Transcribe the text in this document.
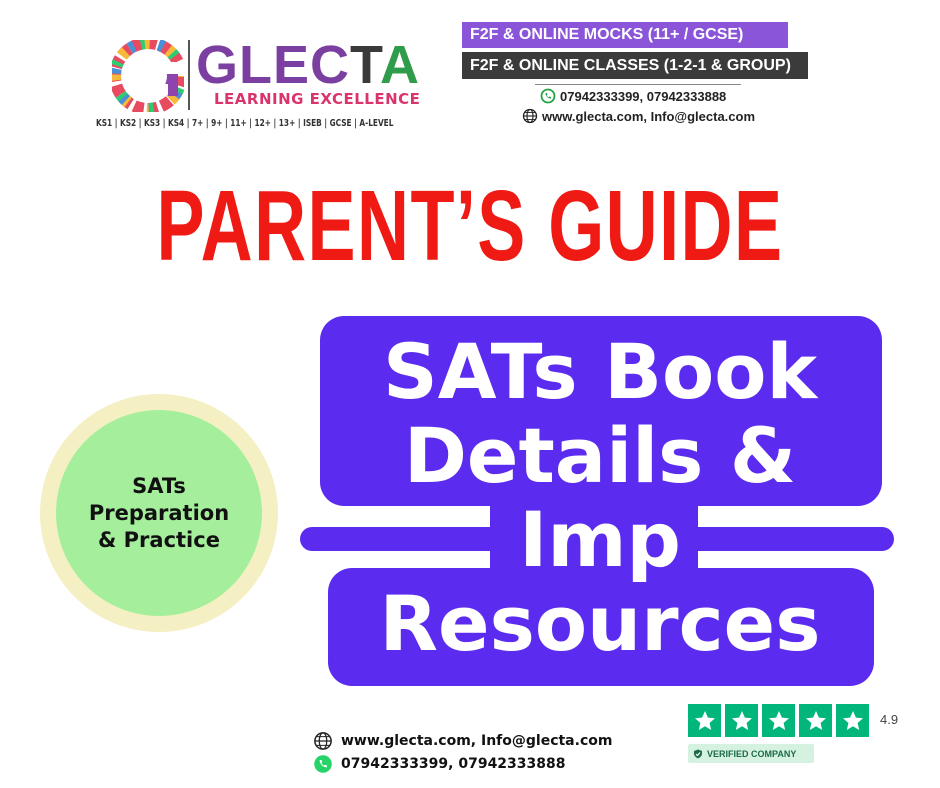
GLECTA
LEARNING EXCELLENCE
KS1 | KS2 | KS3 | KS4 | 7+ | 9+ | 11+ | 12+ | 13+ | ISEB | GCSE | A-LEVEL
F2F & ONLINE MOCKS (11+ / GCSE)
F2F & ONLINE CLASSES (1-2-1 & GROUP)
07942333399, 07942333888
www.glecta.com, Info@glecta.com
PARENT’S GUIDE
SATs Book
Details &
Imp
Resources
SATs
Preparation
& Practice
www.glecta.com, Info@glecta.com
07942333399, 07942333888
4.9
VERIFIED COMPANY
